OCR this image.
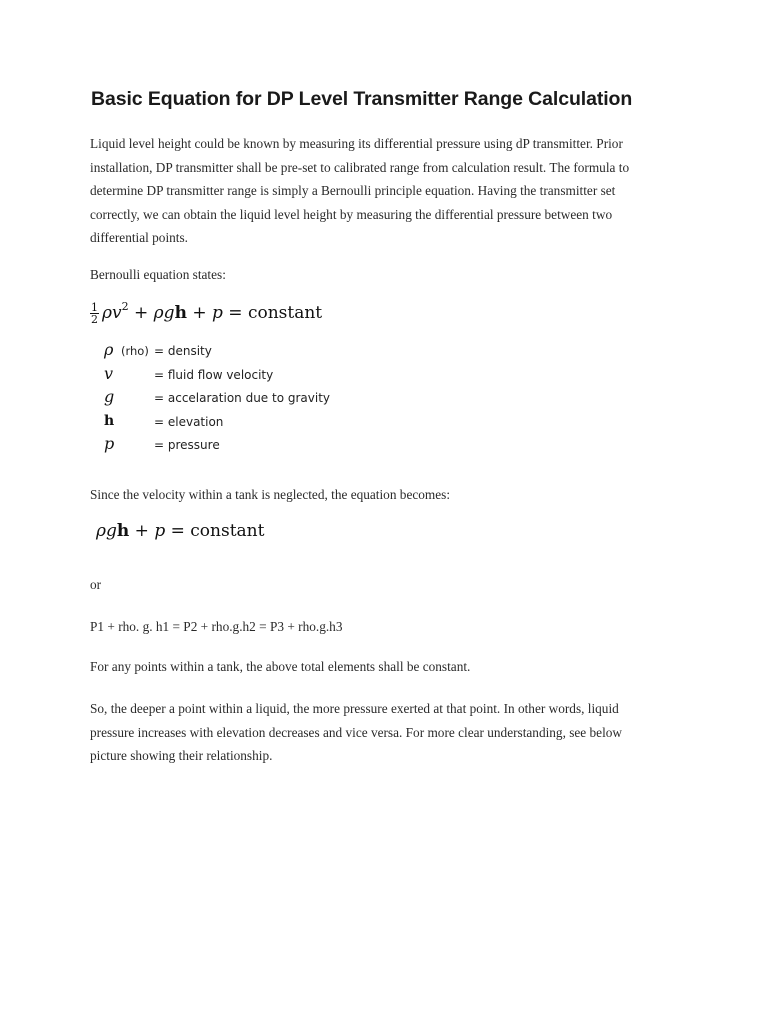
Basic Equation for DP Level Transmitter Range Calculation

Liquid level height could be known by measuring its differential pressure using dP transmitter. Prior
installation, DP transmitter shall be pre-set to calibrated range from calculation result. The formula to
determine DP transmitter range is simply a Bernoulli principle equation. Having the transmitter set
correctly, we can obtain the liquid level height by measuring the differential pressure between two
differential points.

Bernoulli equation states:

$\frac{1}{2} \rho v^2 + \rho gh + p$ = constant
ρ (rho) = density
v	= fluid flow velocity
g	= accelaration due to gravity
h	= elevation
p	= pressure

Since the velocity within a tank is neglected, the equation becomes:

ρgh + p = constant

or

P1 + rho. g. h1 = P2 + rho.g.h2 = P3 + rho.g.h3

For any points within a tank, the above total elements shall be constant.

So, the deeper a point within a liquid, the more pressure exerted at that point. In other words, liquid
pressure increases with elevation decreases and vice versa. For more clear understanding, see below
picture showing their relationship.
